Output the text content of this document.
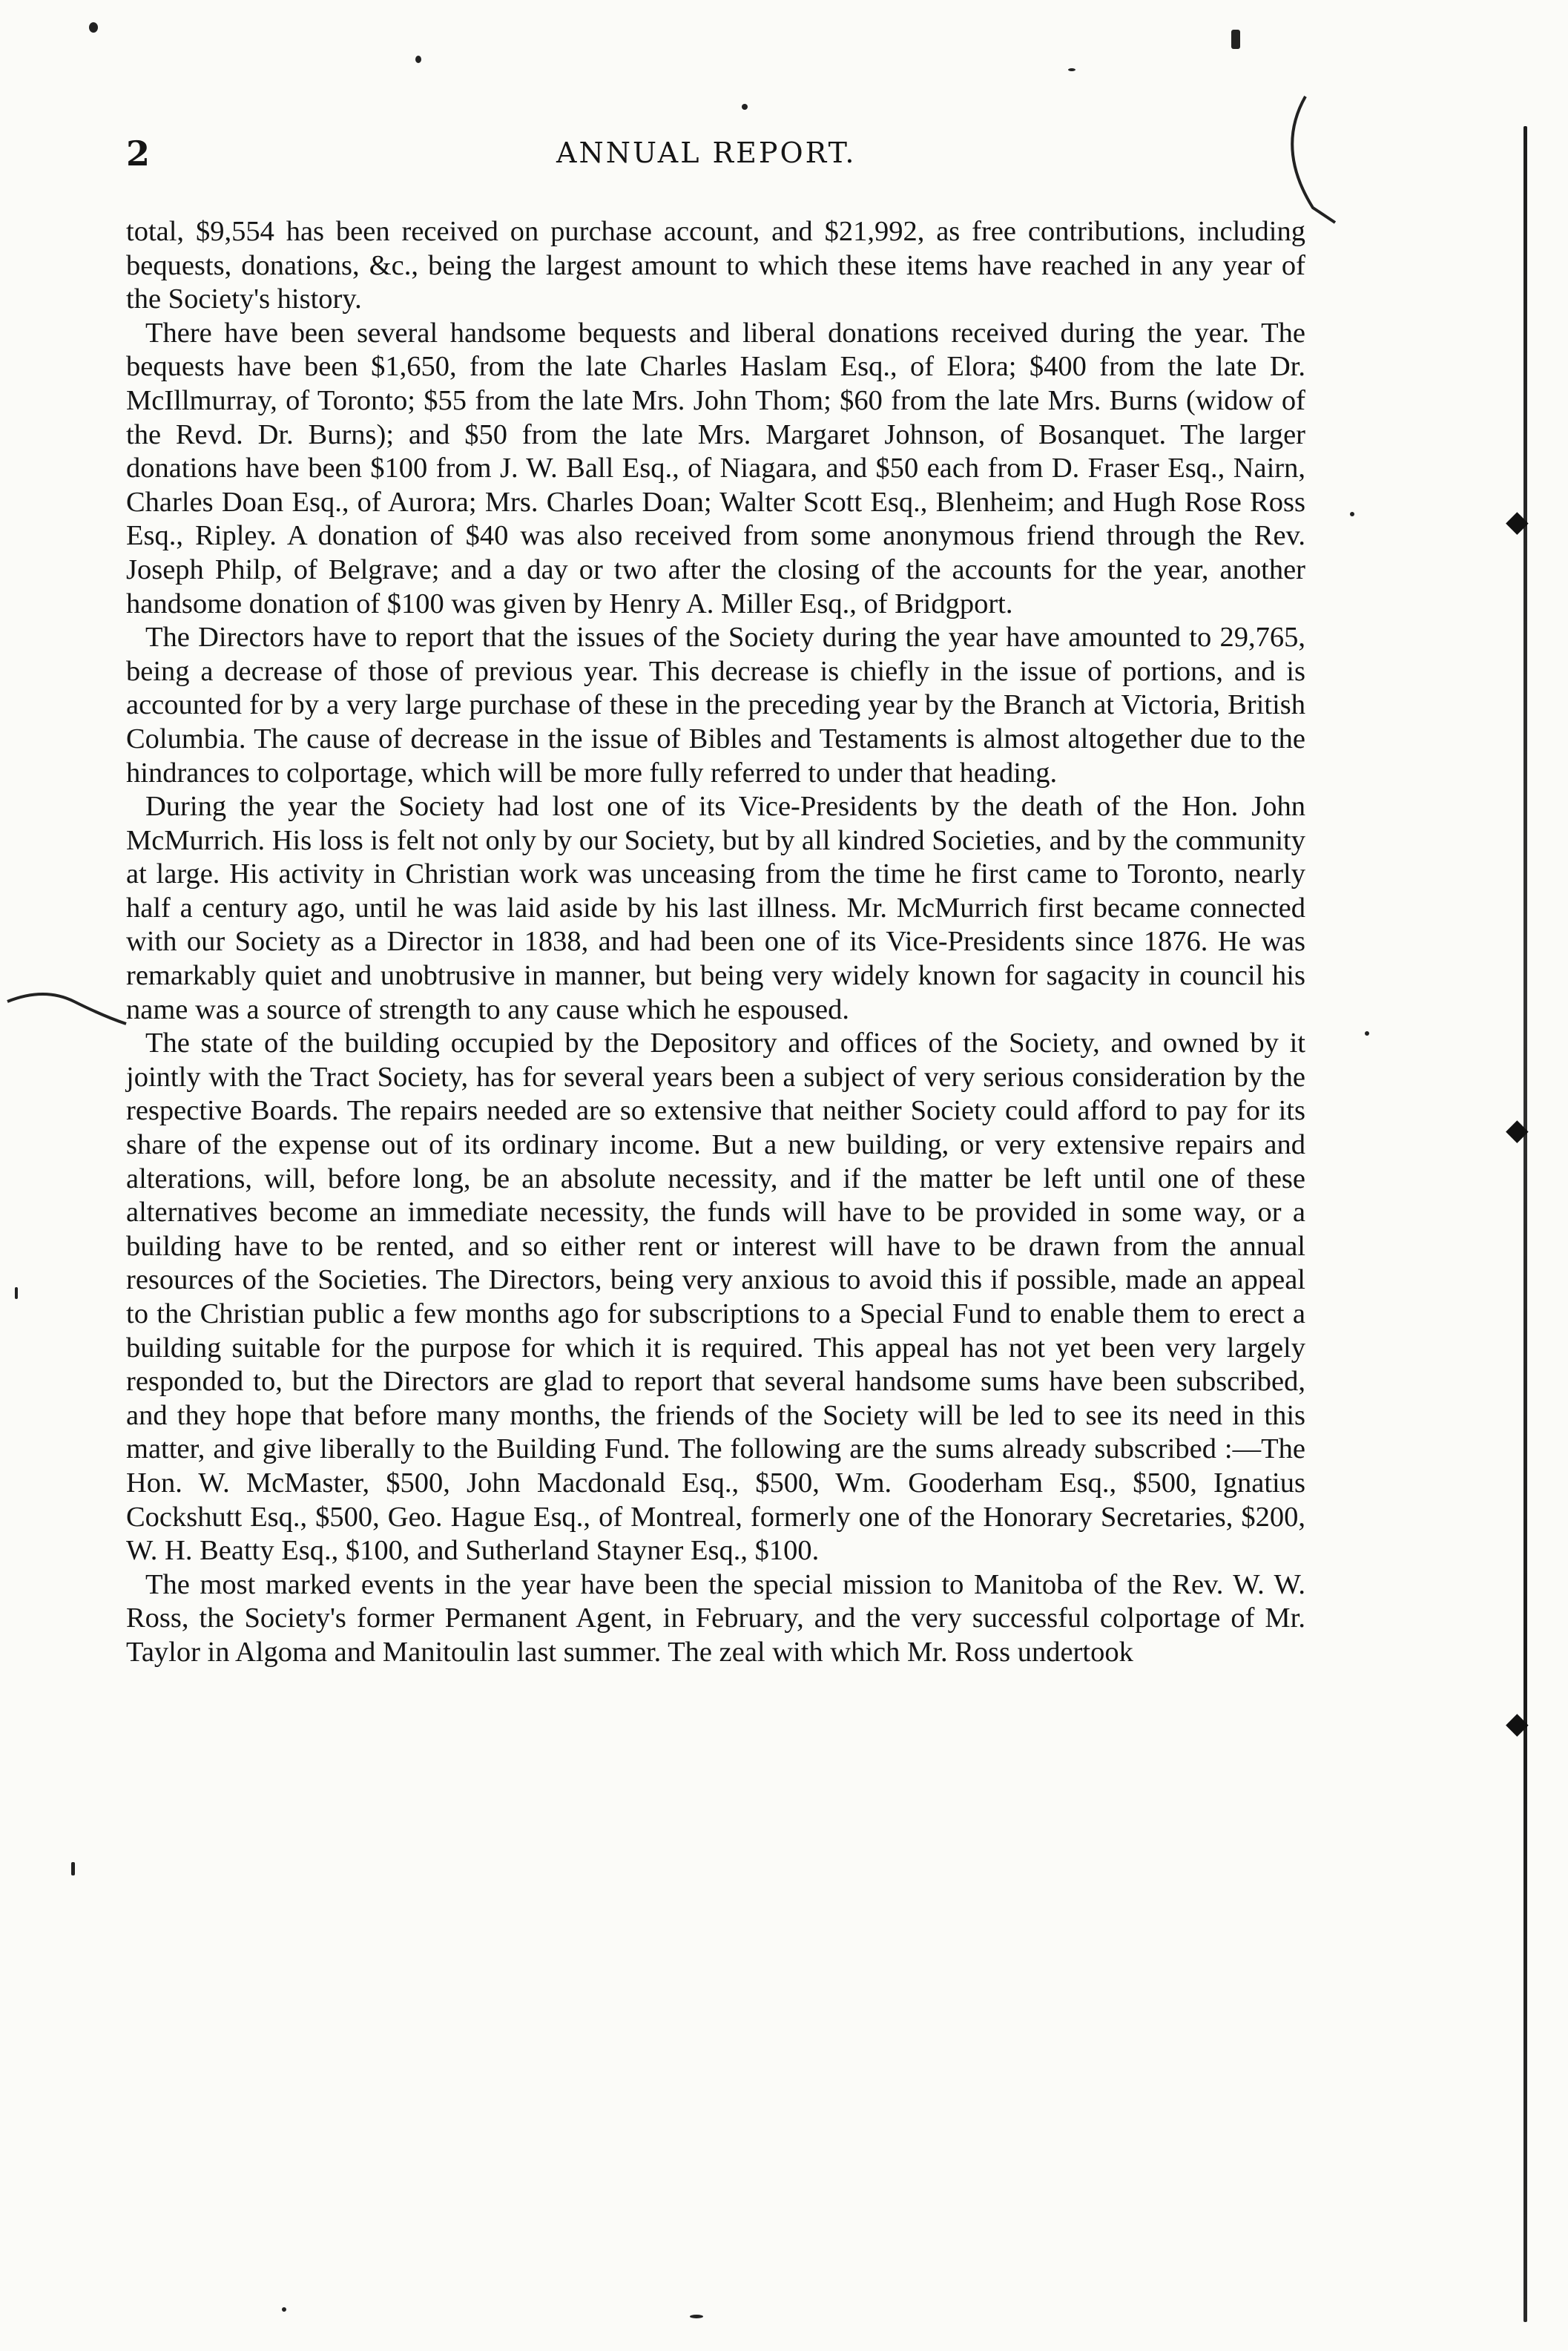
2	ANNUAL REPORT.

total, $9,554 has been received on purchase account, and $21,992, as free contributions, including bequests, donations, &c., being the largest amount to which these items have reached in any year of the Society's history.

There have been several handsome bequests and liberal donations received during the year. The bequests have been $1,650, from the late Charles Haslam Esq., of Elora; $400 from the late Dr. McIllmurray, of Toronto; $55 from the late Mrs. John Thom; $60 from the late Mrs. Burns (widow of the Revd. Dr. Burns); and $50 from the late Mrs. Margaret Johnson, of Bosanquet. The larger donations have been $100 from J. W. Ball Esq., of Niagara, and $50 each from D. Fraser Esq., Nairn, Charles Doan Esq., of Aurora; Mrs. Charles Doan; Walter Scott Esq., Blenheim; and Hugh Rose Ross Esq., Ripley. A donation of $40 was also received from some anonymous friend through the Rev. Joseph Philp, of Belgrave; and a day or two after the closing of the accounts for the year, another handsome donation of $100 was given by Henry A. Miller Esq., of Bridgport.

The Directors have to report that the issues of the Society during the year have amounted to 29,765, being a decrease of those of previous year. This decrease is chiefly in the issue of portions, and is accounted for by a very large purchase of these in the preceding year by the Branch at Victoria, British Columbia. The cause of decrease in the issue of Bibles and Testaments is almost altogether due to the hindrances to colportage, which will be more fully referred to under that heading.

During the year the Society had lost one of its Vice-Presidents by the death of the Hon. John McMurrich. His loss is felt not only by our Society, but by all kindred Societies, and by the community at large. His activity in Christian work was unceasing from the time he first came to Toronto, nearly half a century ago, until he was laid aside by his last illness. Mr. McMurrich first became connected with our Society as a Director in 1838, and had been one of its Vice-Presidents since 1876. He was remarkably quiet and unobtrusive in manner, but being very widely known for sagacity in council his name was a source of strength to any cause which he espoused.

The state of the building occupied by the Depository and offices of the Society, and owned by it jointly with the Tract Society, has for several years been a subject of very serious consideration by the respective Boards. The repairs needed are so extensive that neither Society could afford to pay for its share of the expense out of its ordinary income. But a new building, or very extensive repairs and alterations, will, before long, be an absolute necessity, and if the matter be left until one of these alternatives become an immediate necessity, the funds will have to be provided in some way, or a building have to be rented, and so either rent or interest will have to be drawn from the annual resources of the Societies. The Directors, being very anxious to avoid this if possible, made an appeal to the Christian public a few months ago for subscriptions to a Special Fund to enable them to erect a building suitable for the purpose for which it is required. This appeal has not yet been very largely responded to, but the Directors are glad to report that several handsome sums have been subscribed, and they hope that before many months, the friends of the Society will be led to see its need in this matter, and give liberally to the Building Fund. The following are the sums already subscribed :—The Hon. W. McMaster, $500, John Macdonald Esq., $500, Wm. Gooderham Esq., $500, Ignatius Cockshutt Esq., $500, Geo. Hague Esq., of Montreal, formerly one of the Honorary Secretaries, $200, W. H. Beatty Esq., $100, and Sutherland Stayner Esq., $100.

The most marked events in the year have been the special mission to Manitoba of the Rev. W. W. Ross, the Society's former Permanent Agent, in February, and the very successful colportage of Mr. Taylor in Algoma and Manitoulin last summer. The zeal with which Mr. Ross undertook

◆
◆
◆
